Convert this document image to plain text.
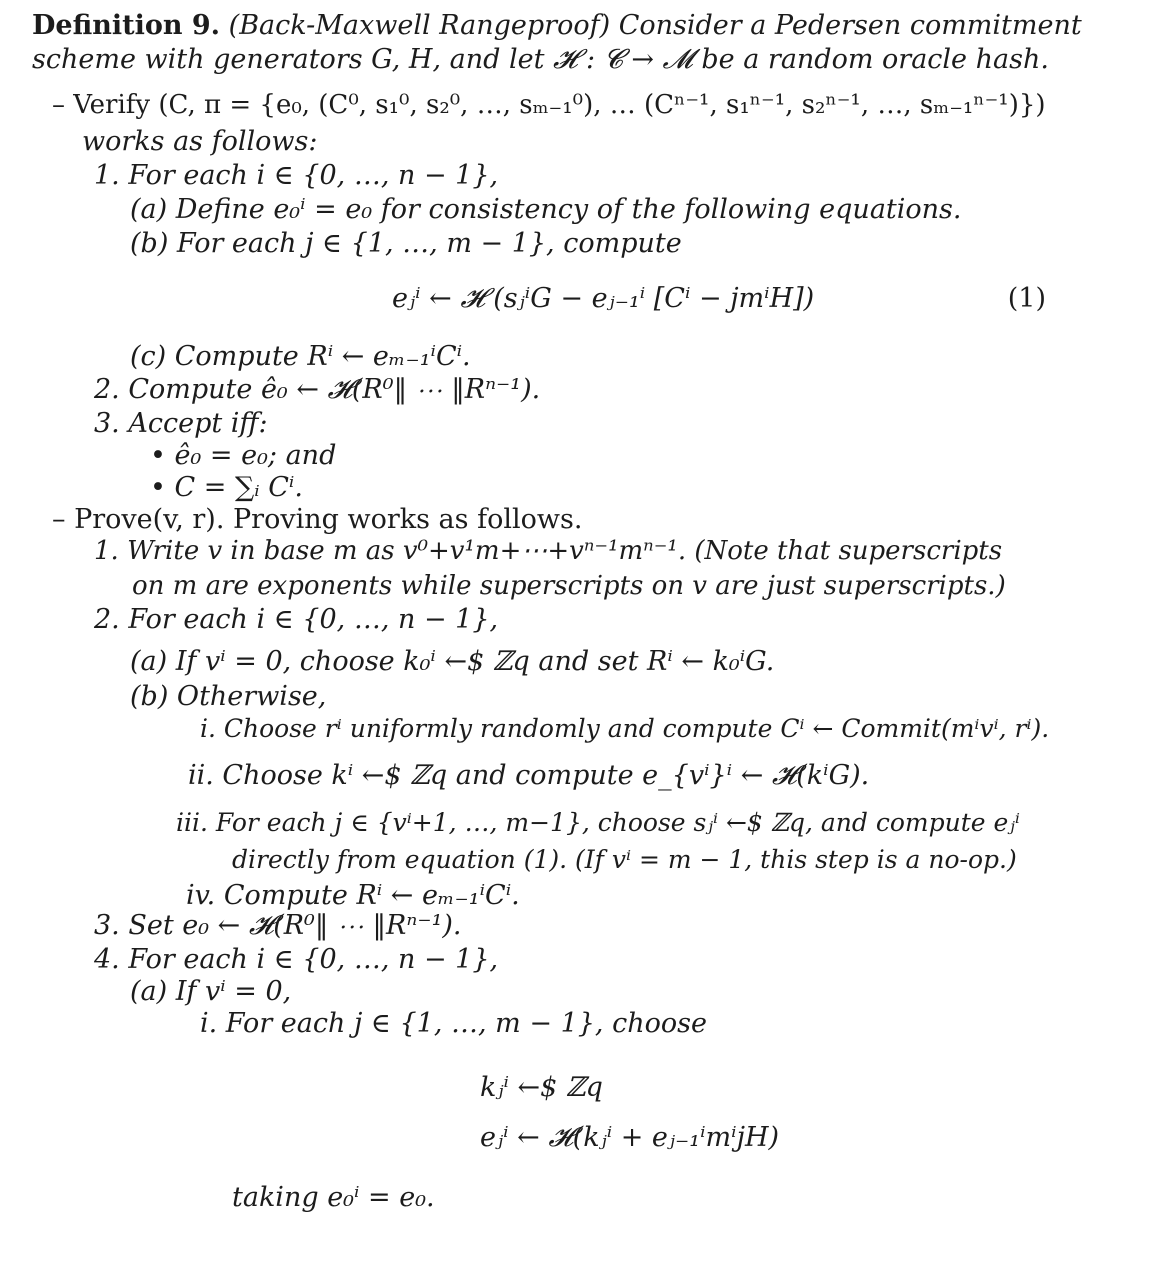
Definition 9. (Back-Maxwell Rangeproof) Consider a Pedersen commitment
scheme with generators G, H, and let 𝓗 : 𝓒 → 𝓜 be a random oracle hash.
– Verify (C, π = {e₀, (C⁰, s₁⁰, s₂⁰, …, sₘ₋₁⁰), … (Cⁿ⁻¹, s₁ⁿ⁻¹, s₂ⁿ⁻¹, …, sₘ₋₁ⁿ⁻¹)})
works as follows:
1. For each i ∈ {0, …, n − 1},
(a) Define e₀ⁱ = e₀ for consistency of the following equations.
(b) For each j ∈ {1, …, m − 1}, compute
eⱼⁱ ← 𝓗 (sⱼⁱG − eⱼ₋₁ⁱ [Cⁱ − jmⁱH])	(1)
(c) Compute Rⁱ ← eₘ₋₁ⁱCⁱ.
2. Compute ê₀ ← 𝓗(R⁰‖ ⋯ ‖Rⁿ⁻¹).
3. Accept iff:
• ê₀ = e₀; and
• C = ∑ᵢ Cⁱ.
– Prove(v, r). Proving works as follows.
1. Write v in base m as v⁰+v¹m+⋯+vⁿ⁻¹mⁿ⁻¹. (Note that superscripts
on m are exponents while superscripts on v are just superscripts.)
2. For each i ∈ {0, …, n − 1},
(a) If vⁱ = 0, choose k₀ⁱ ←$ ℤq and set Rⁱ ← k₀ⁱG.
(b) Otherwise,
i. Choose rⁱ uniformly randomly and compute Cⁱ ← Commit(mⁱvⁱ, rⁱ).
ii. Choose kⁱ ←$ ℤq and compute e_{vⁱ}ⁱ ← 𝓗(kⁱG).
iii. For each j ∈ {vⁱ+1, …, m−1}, choose sⱼⁱ ←$ ℤq, and compute eⱼⁱ
directly from equation (1). (If vⁱ = m − 1, this step is a no-op.)
iv. Compute Rⁱ ← eₘ₋₁ⁱCⁱ.
3. Set e₀ ← 𝓗(R⁰‖ ⋯ ‖Rⁿ⁻¹).
4. For each i ∈ {0, …, n − 1},
(a) If vⁱ = 0,
i. For each j ∈ {1, …, m − 1}, choose
kⱼⁱ ←$ ℤq
eⱼⁱ ← 𝓗(kⱼⁱ + eⱼ₋₁ⁱmⁱjH)
taking e₀ⁱ = e₀.
